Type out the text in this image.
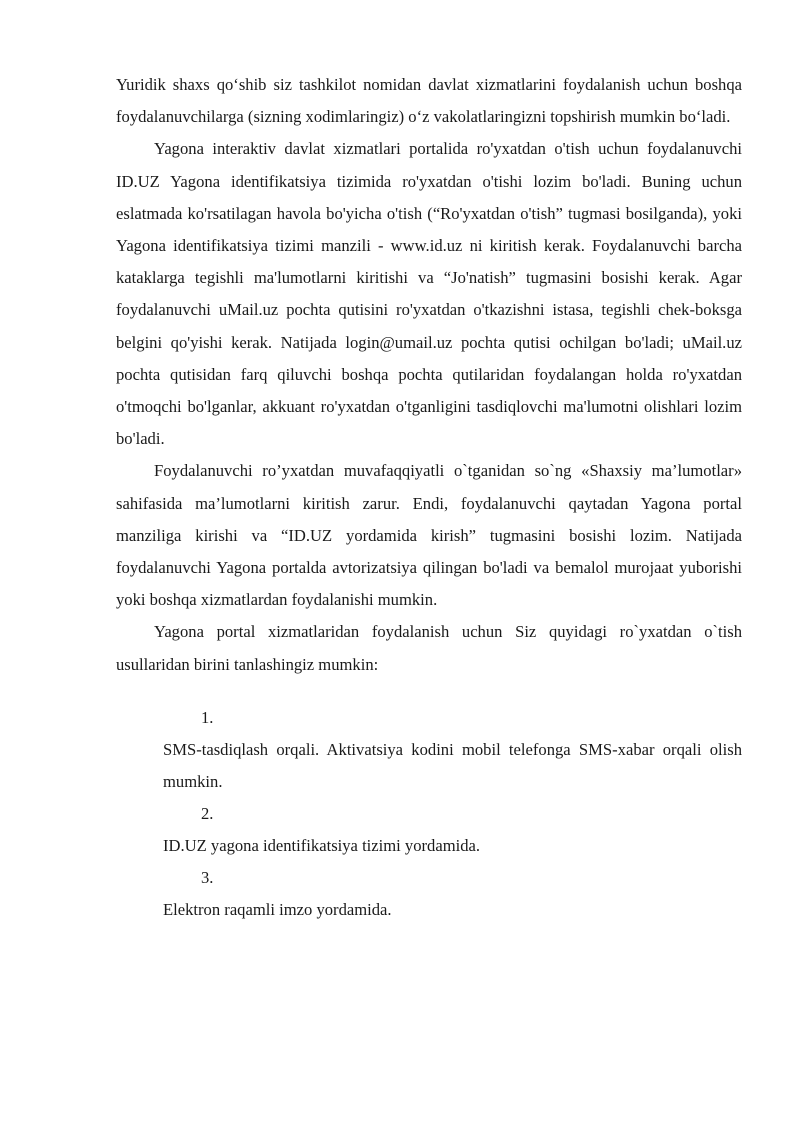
Yuridik shaxs qo‘shib siz tashkilot nomidan davlat xizmatlarini foydalanish uchun boshqa foydalanuvchilarga (sizning xodimlaringiz) o‘z vakolatlaringizni topshirish mumkin bo‘ladi.

Yagona interaktiv davlat xizmatlari portalida ro'yxatdan o'tish uchun foydalanuvchi ID.UZ Yagona identifikatsiya tizimida ro'yxatdan o'tishi lozim bo'ladi. Buning uchun eslatmada ko'rsatilagan havola bo'yicha o'tish (“Ro'yxatdan o'tish” tugmasi bosilganda), yoki Yagona identifikatsiya tizimi manzili - www.id.uz ni kiritish kerak. Foydalanuvchi barcha kataklarga tegishli ma'lumotlarni kiritishi va “Jo'natish” tugmasini bosishi kerak. Agar foydalanuvchi uMail.uz pochta qutisini ro'yxatdan o'tkazishni istasa, tegishli chek-boksga belgini qo'yishi kerak. Natijada login@umail.uz pochta qutisi ochilgan bo'ladi; uMail.uz pochta qutisidan farq qiluvchi boshqa pochta qutilaridan foydalangan holda ro'yxatdan o'tmoqchi bo'lganlar, akkuant ro'yxatdan o'tganligini tasdiqlovchi ma'lumotni olishlari lozim bo'ladi.

Foydalanuvchi ro’yxatdan muvafaqqiyatli o`tganidan so`ng «Shaxsiy ma’lumotlar» sahifasida ma’lumotlarni kiritish zarur. Endi, foydalanuvchi qaytadan Yagona portal manziliga kirishi va “ID.UZ yordamida kirish” tugmasini bosishi lozim. Natijada foydalanuvchi Yagona portalda avtorizatsiya qilingan bo'ladi va bemalol murojaat yuborishi yoki boshqa xizmatlardan foydalanishi mumkin.

Yagona portal xizmatlaridan foydalanish uchun Siz quyidagi ro`yxatdan o`tish usullaridan birini tanlashingiz mumkin:

1.
SMS-tasdiqlash orqali. Aktivatsiya kodini mobil telefonga SMS-xabar orqali olish mumkin.
2.
ID.UZ yagona identifikatsiya tizimi yordamida.
3.
Elektron raqamli imzo yordamida.
